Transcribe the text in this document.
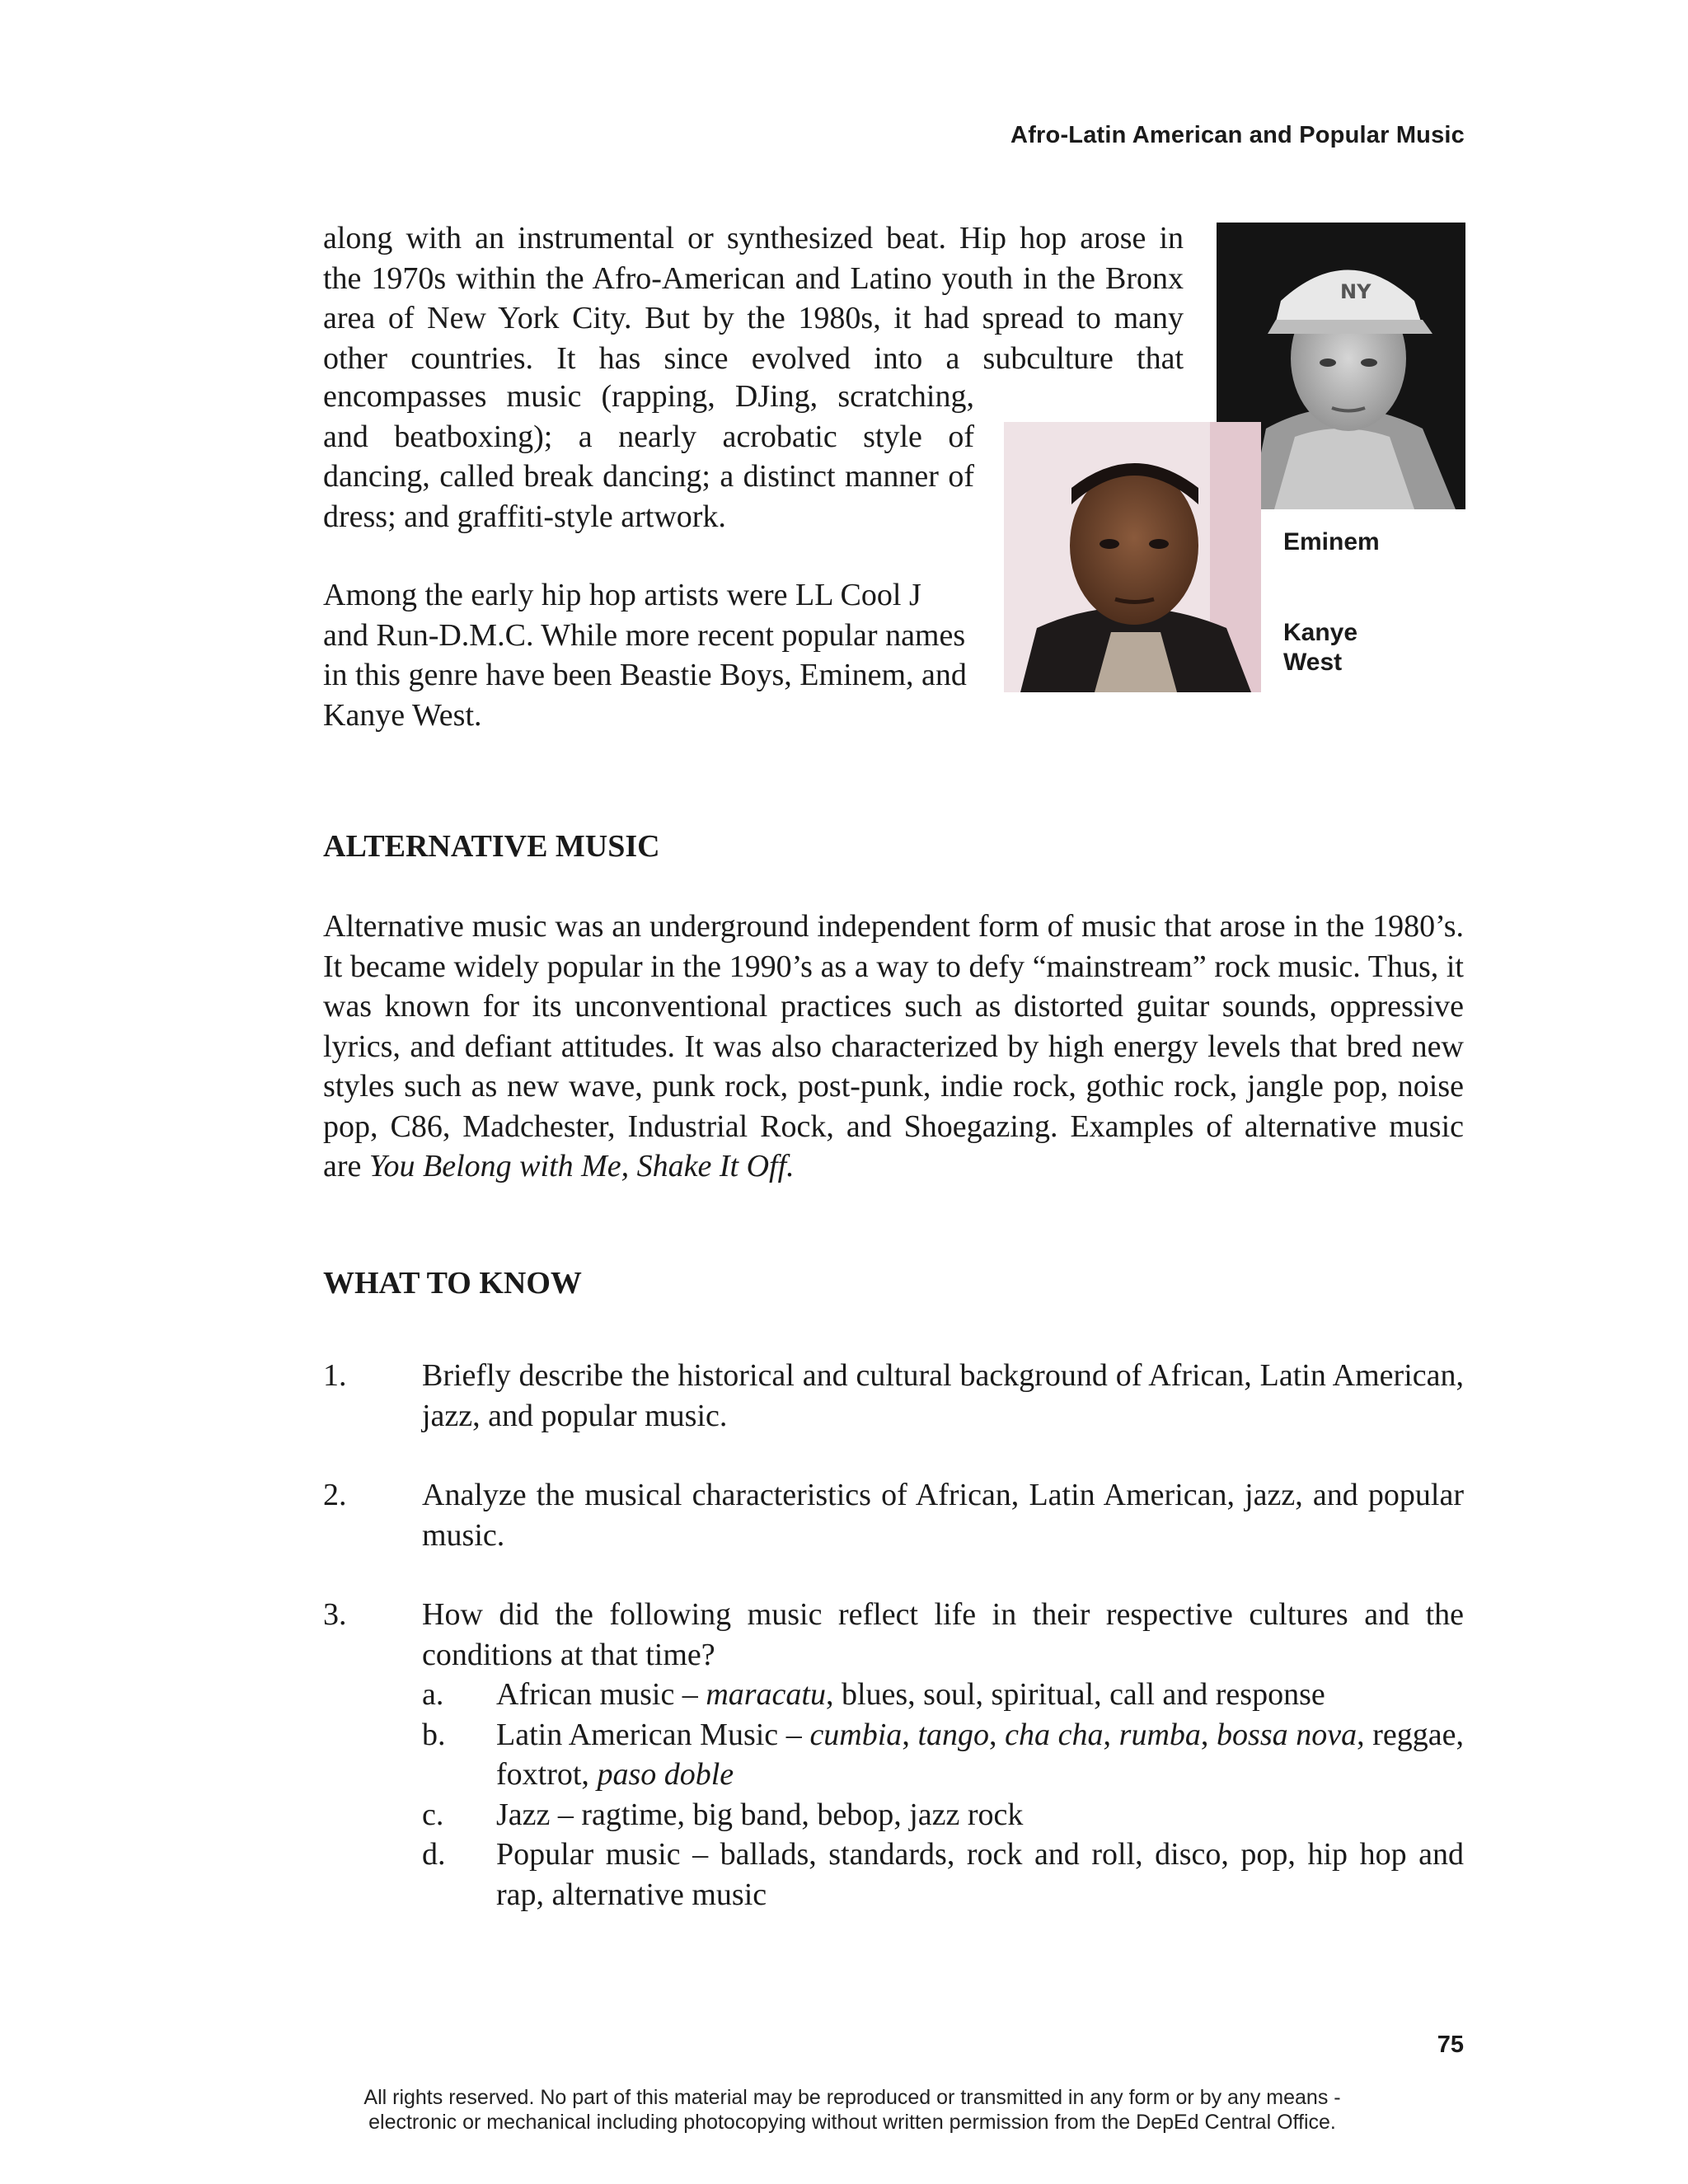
Afro-Latin American and Popular Music
along with an instrumental or synthesized beat. Hip hop arose in
the 1970s within the Afro-American and Latino youth in the Bronx
area of New York City. But by the 1980s, it had spread to many
other countries. It has since evolved into a subculture that

encompasses music (rapping, DJing, scratching, and beatboxing); a nearly acrobatic style of dancing, called break dancing; a distinct manner of dress; and graffiti-style artwork.

Among the early hip hop artists were LL Cool J and Run-D.M.C. While more recent popular names in this genre have been Beastie Boys, Eminem, and Kanye West.

NY
Eminem
Kanye
West
ALTERNATIVE MUSIC

Alternative music was an underground independent form of music that arose in the 1980’s. It became widely popular in the 1990’s as a way to defy “mainstream” rock music. Thus, it was known for its unconventional practices such as distorted guitar sounds, oppressive lyrics, and defiant attitudes. It was also characterized by high energy levels that bred new styles such as new wave, punk rock, post-punk, indie rock, gothic rock, jangle pop, noise pop, C86, Madchester, Industrial Rock, and Shoegazing. Examples of alternative music are You Belong with Me, Shake It Off.

WHAT TO KNOW
1. Briefly describe the historical and cultural background of African, Latin American, jazz, and popular music.
2. Analyze the musical characteristics of African, Latin American, jazz, and popular music.
3. How did the following music reflect life in their respective cultures and the conditions at that time?
a.	African music – maracatu, blues, soul, spiritual, call and response
b.	Latin American Music – cumbia, tango, cha cha, rumba, bossa nova, reggae, foxtrot, paso doble
c.	Jazz – ragtime, big band, bebop, jazz rock
d.	Popular music – ballads, standards, rock and roll, disco, pop, hip hop and rap, alternative music
75
All rights reserved. No part of this material may be reproduced or transmitted in any form or by any means -
electronic or mechanical including photocopying without written permission from the DepEd Central Office.
